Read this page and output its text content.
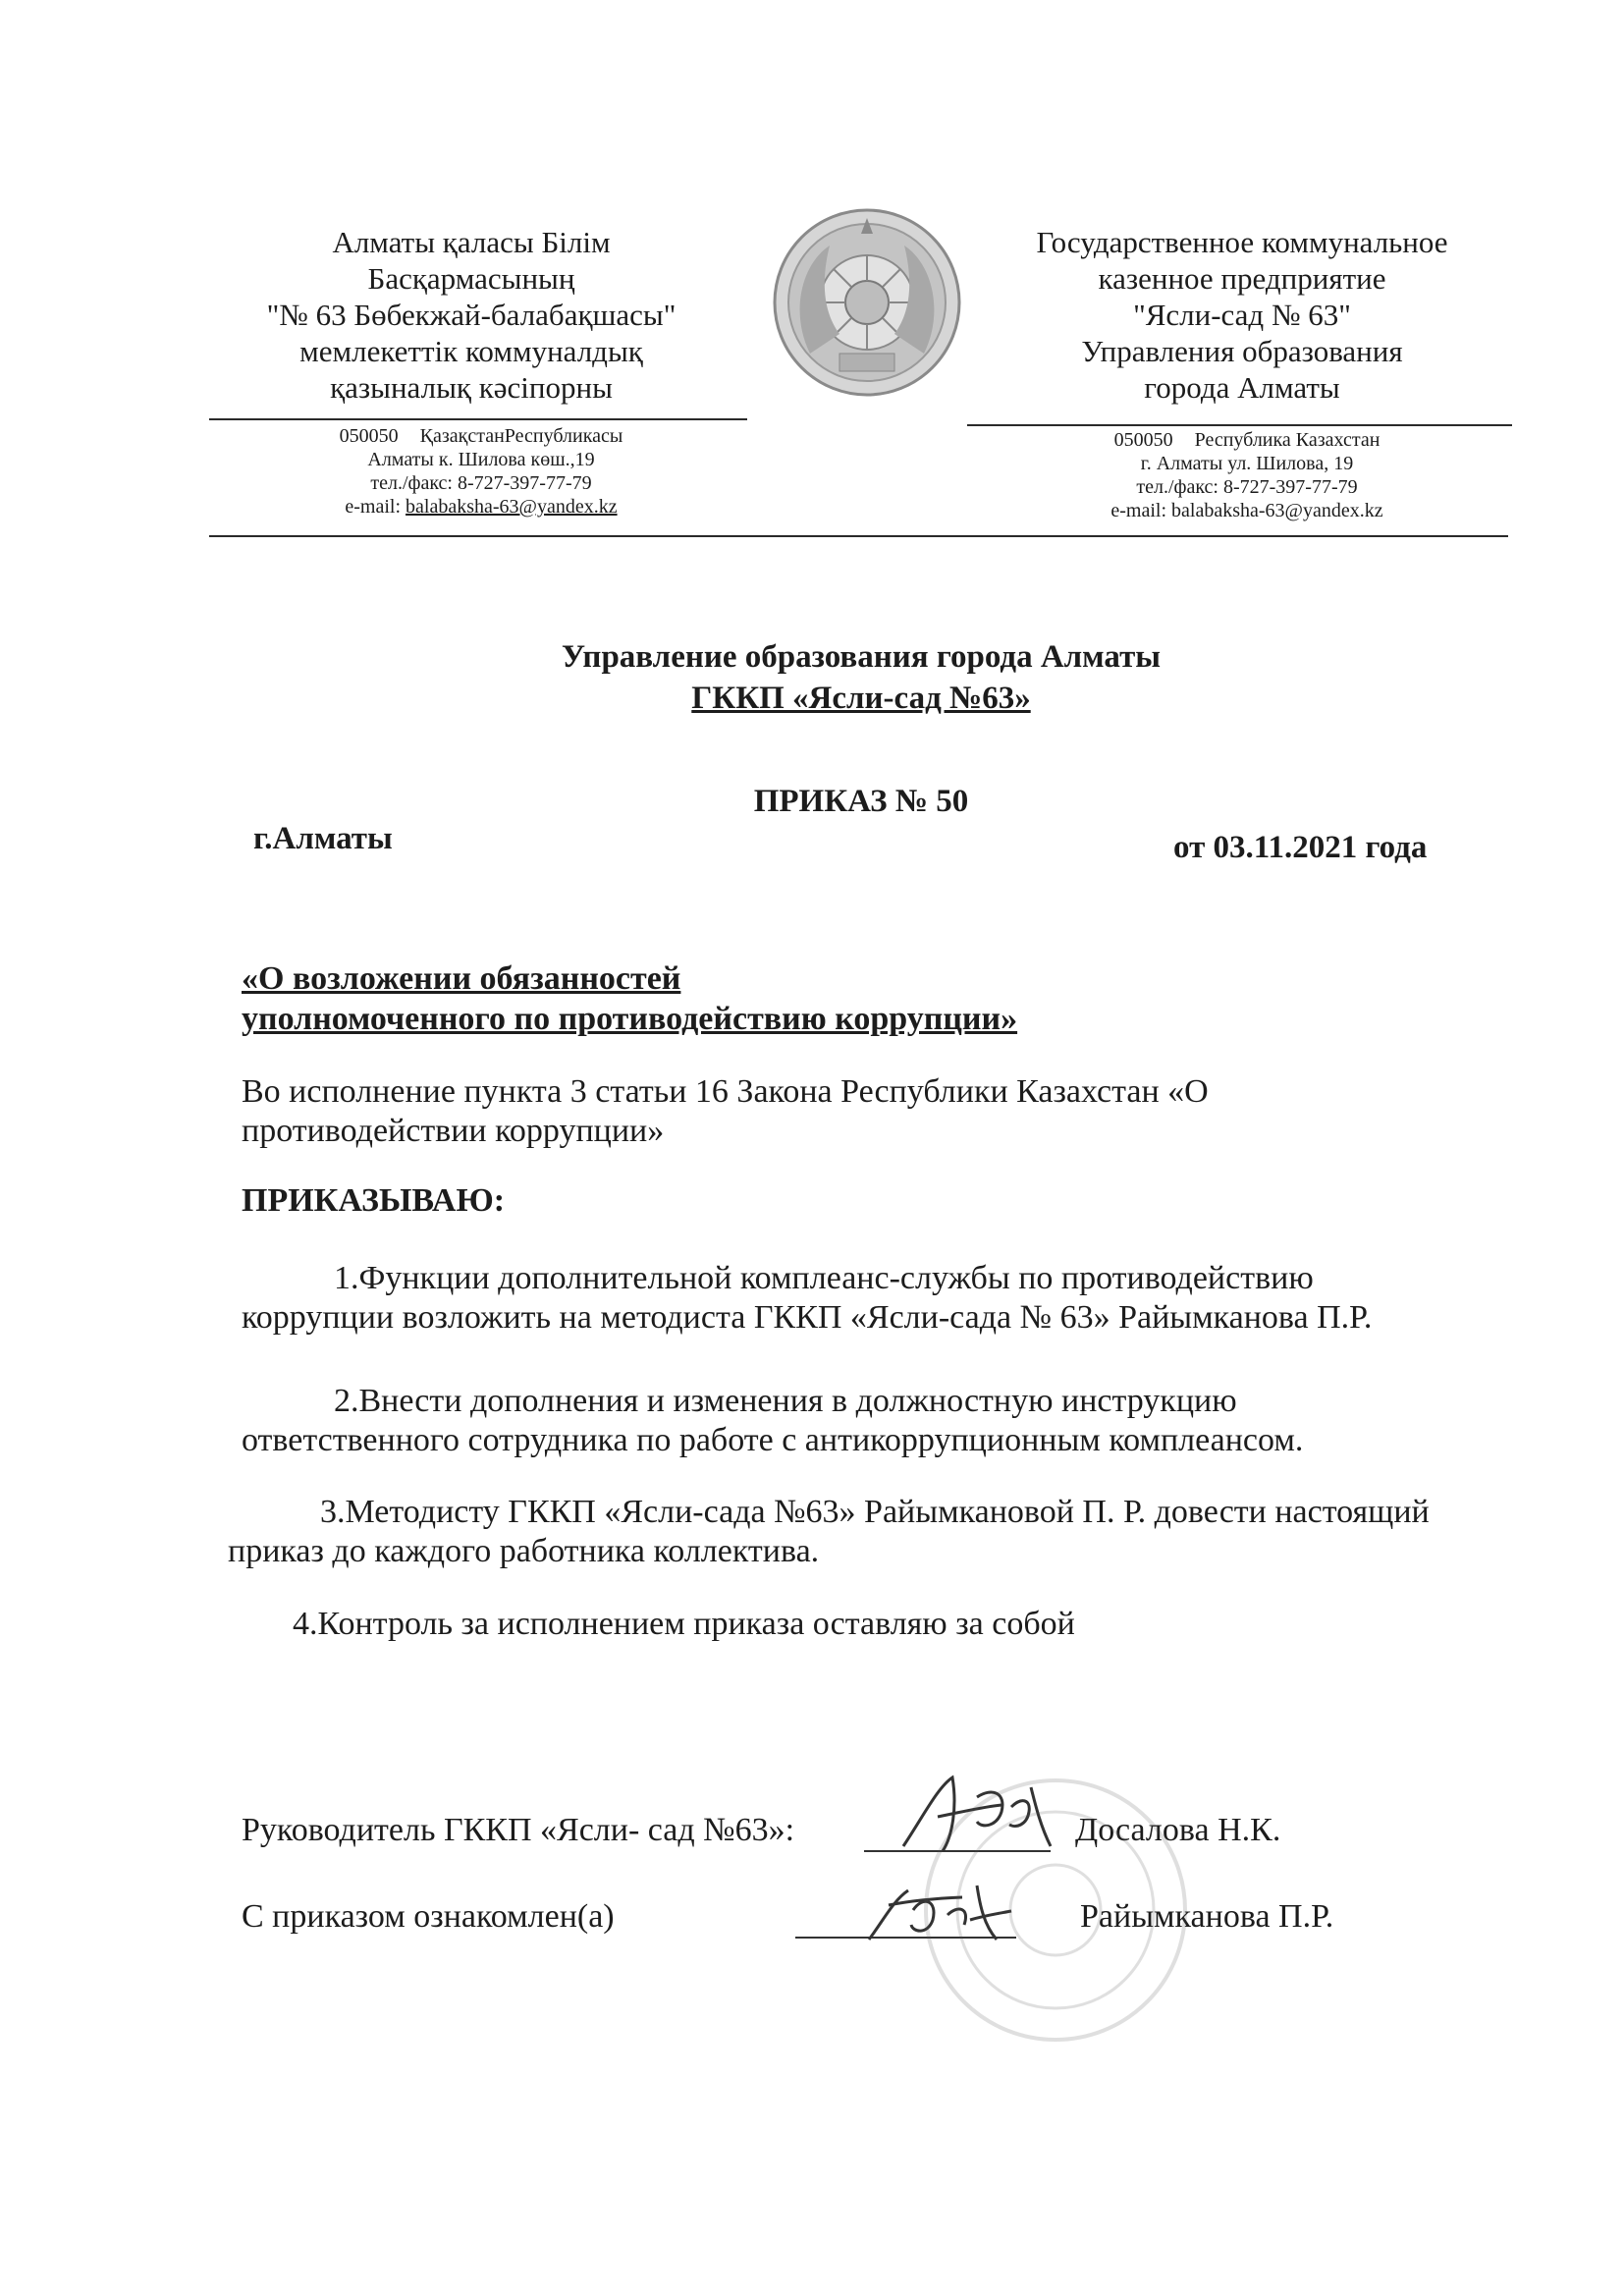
Алматы қаласы Білім
Басқармасының
"№ 63 Бөбекжай-балабақшасы"
мемлекеттік коммуналдық
қазыналық кәсіпорны
050050 ҚазақстанРеспубликасы
Алматы к. Шилова көш.,19
тел./факс: 8-727-397-77-79
e-mail: balabaksha-63@yandex.kz
Государственное коммунальное
казенное предприятие
"Ясли-сад № 63"
Управления образования
города Алматы
050050 Республика Казахстан
г. Алматы ул. Шилова, 19
тел./факс: 8-727-397-77-79
e-mail: balabaksha-63@yandex.kz
Управление образования города Алматы
ГККП «Ясли-сад №63»
ПРИКАЗ № 50
г.Алматы	от 03.11.2021 года
«О возложении обязанностей
уполномоченного по противодействию коррупции»
Во исполнение пункта 3 статьи 16 Закона Республики Казахстан «О противодействии коррупции»
ПРИКАЗЫВАЮ:
1.Функции дополнительной комплеанс-службы по противодействию коррупции возложить на методиста ГККП «Ясли-сада № 63» Райымканова П.Р.
2.Внести дополнения и изменения в должностную инструкцию ответственного сотрудника по работе с антикоррупционным комплеансом.
3.Методисту ГККП «Ясли-сада №63» Райымкановой П. Р. довести настоящий приказ до каждого работника коллектива.
4.Контроль за исполнением приказа оставляю за собой
Руководитель ГККП «Ясли- сад №63»:	Досалова Н.К.
С приказом ознакомлен(а)	Райымканова П.Р.
